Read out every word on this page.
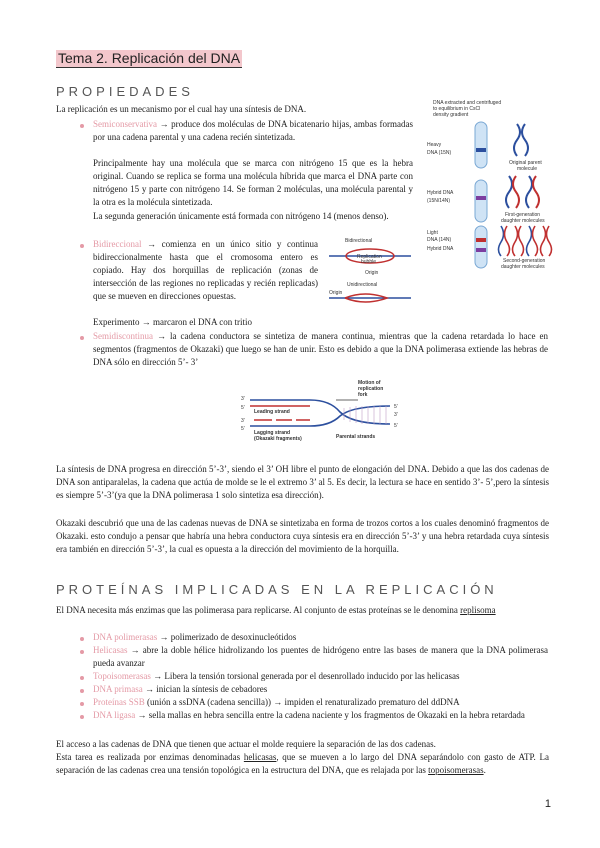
Tema 2. Replicación del DNA
PROPIEDADES

La replicación es un mecanismo por el cual hay una síntesis de DNA.

Semiconservativa → produce dos moléculas de DNA bicatenario hijas, ambas formadas por una cadena parental y una cadena recién sintetizada.

Principalmente hay una molécula que se marca con nitrógeno 15 que es la hebra original. Cuando se replica se forma una molécula híbrida que marca el DNA parte con nitrógeno 15 y parte con nitrógeno 14. Se forman 2 moléculas, una molécula parental y la otra es la molécula sintetizada.

La segunda generación únicamente está formada con nitrógeno 14 (menos denso).

DNA extracted and centrifuged
to equilibrium in CsCl
density gradient
Heavy
DNA (15N)
Hybrid DNA
(15N/14N)
Light
DNA (14N)
Hybrid DNA
Original parent
molecule
First-generation
daughter molecules
Second-generation
daughter molecules

Bidireccional → comienza en un único sitio y continua bidireccionalmente hasta que el cromosoma entero es copiado. Hay dos horquillas de replicación (zonas de intersección de las regiones no replicadas y recién replicadas) que se mueven en direcciones opuestas.

Experimento → marcaron el DNA con tritio

Bidirectional
Replication
bubble
Origin
Unidirectional
Origin

Semidiscontinua → la cadena conductora se sintetiza de manera continua, mientras que la cadena retardada lo hace en segmentos (fragmentos de Okazaki) que luego se han de unir. Esto es debido a que la DNA polimerasa extiende las hebras de DNA sólo en dirección 5’- 3’

Motion of
replication
fork
3’
5’
3’
5’
5’
3’
5’
Leading strand
Lagging strand
(Okazaki fragments)	Parental strands

La síntesis de DNA progresa en dirección 5’-3’, siendo el 3’ OH libre el punto de elongación del DNA. Debido a que las dos cadenas de DNA son antiparalelas, la cadena que actúa de molde se le el extremo 3’ al 5. Es decir, la lectura se hace en sentido 3’- 5’,pero la síntesis es siempre 5’-3’(ya que la DNA polimerasa 1 solo sintetiza esa dirección).

Okazaki descubrió que una de las cadenas nuevas de DNA se sintetizaba en forma de trozos cortos a los cuales denominó fragmentos de Okazaki. esto condujo a pensar que habría una hebra conductora cuya síntesis era en dirección 5’-3’ y una hebra retardada cuya síntesis era también en dirección 5’-3’, la cual es opuesta a la dirección del movimiento de la horquilla.

PROTEÍNAS IMPLICADAS EN LA REPLICACIÓN

El DNA necesita más enzimas que las polimerasa para replicarse. Al conjunto de estas proteínas se le denomina replisoma

DNA polimerasas → polimerizado de desoxinucleótidos
Helicasas → abre la doble hélice hidrolizando los puentes de hidrógeno entre las bases de manera que la DNA polimerasa pueda avanzar
Topoisomerasas → Libera la tensión torsional generada por el desenrollado inducido por las helicasas
DNA primasa → inician la síntesis de cebadores
Proteínas SSB (unión a ssDNA (cadena sencilla)) → impiden el renaturalizado prematuro del ddDNA
DNA ligasa → sella mallas en hebra sencilla entre la cadena naciente y los fragmentos de Okazaki en la hebra retardada

El acceso a las cadenas de DNA que tienen que actuar el molde requiere la separación de las dos cadenas.

Esta tarea es realizada por enzimas denominadas helicasas, que se mueven a lo largo del DNA separándolo con gasto de ATP. La separación de las cadenas crea una tensión topológica en la estructura del DNA, que es relajada por las topoisomerasas.

1
